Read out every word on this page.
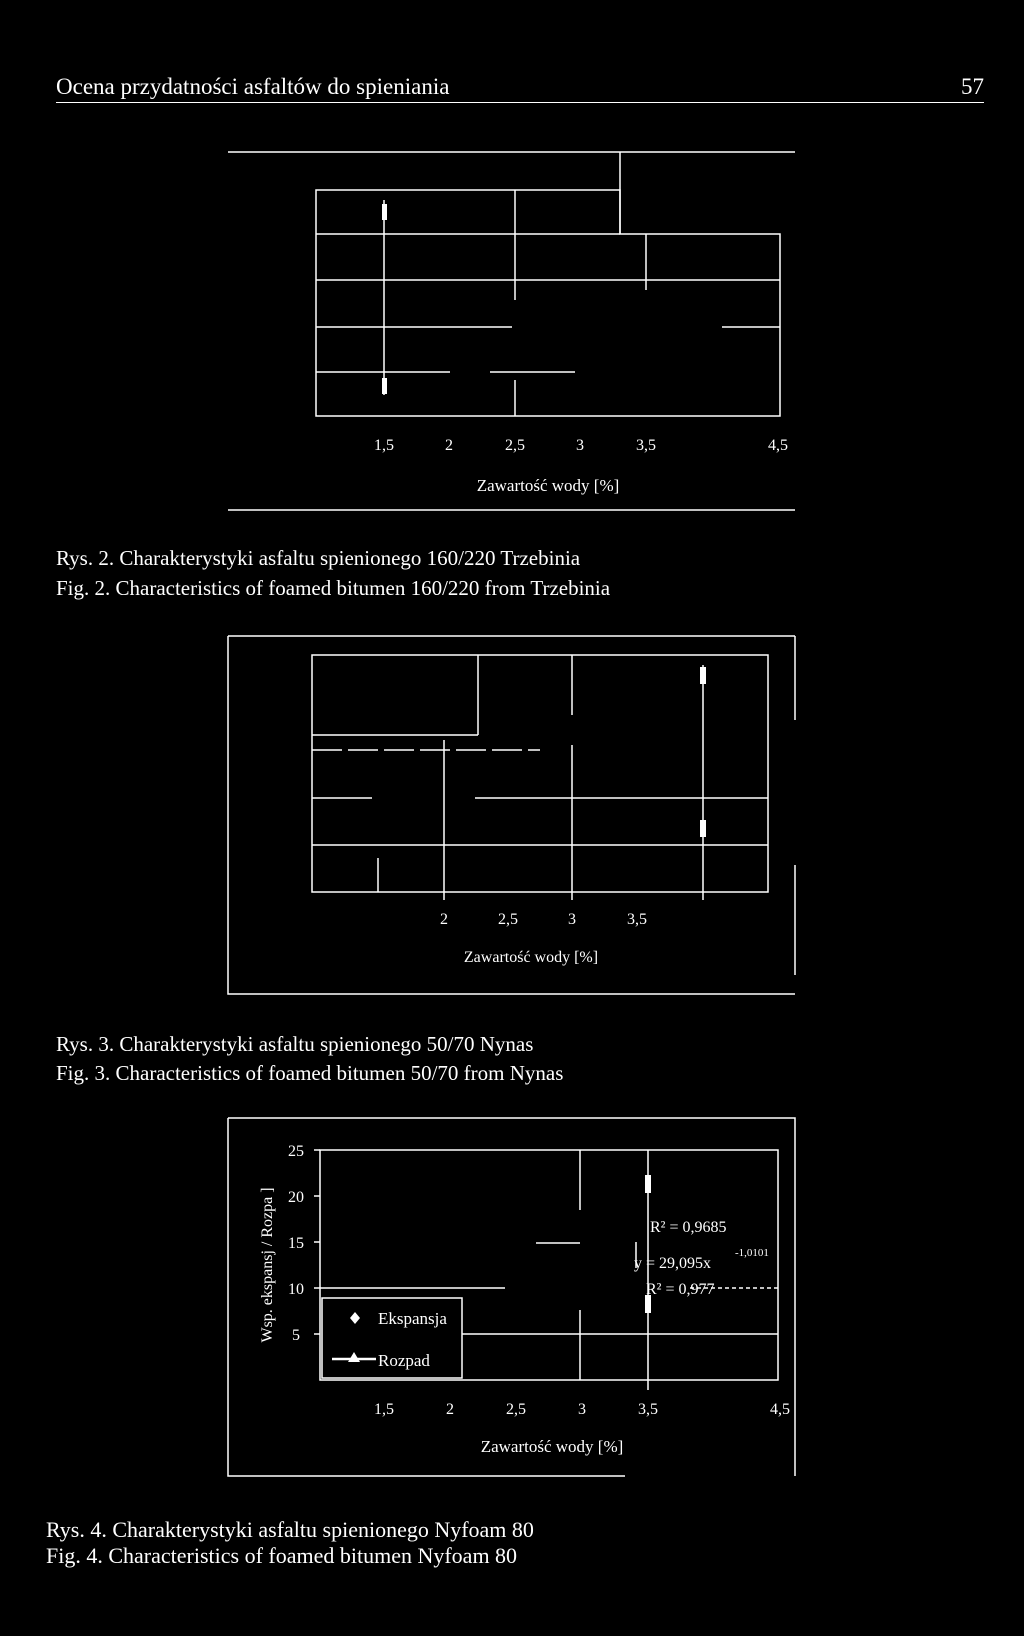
Ocena przydatności asfaltów do spieniania	57
1,5	2	2,5	3	3,5	4,5
Zawartość wody [%]
2	2,5	3	3,5
Zawartość wody [%]
1,5	2	2,5	3	3,5	4,5
Zawartość wody [%]
25
20
15
10
5
Wsp. ekspansj / Rozpa ]	Ekspansja
Rozpad
R² = 0,9685
y = 29,095x
-1,0101
R² = 0,977
Rys. 2. Charakterystyki asfaltu spienionego 160/220 Trzebinia
Fig. 2. Characteristics of foamed bitumen 160/220 from Trzebinia
Rys. 3. Charakterystyki asfaltu spienionego 50/70 Nynas
Fig. 3. Characteristics of foamed bitumen 50/70 from Nynas
Rys. 4. Charakterystyki asfaltu spienionego Nyfoam 80
Fig. 4. Characteristics of foamed bitumen Nyfoam 80
